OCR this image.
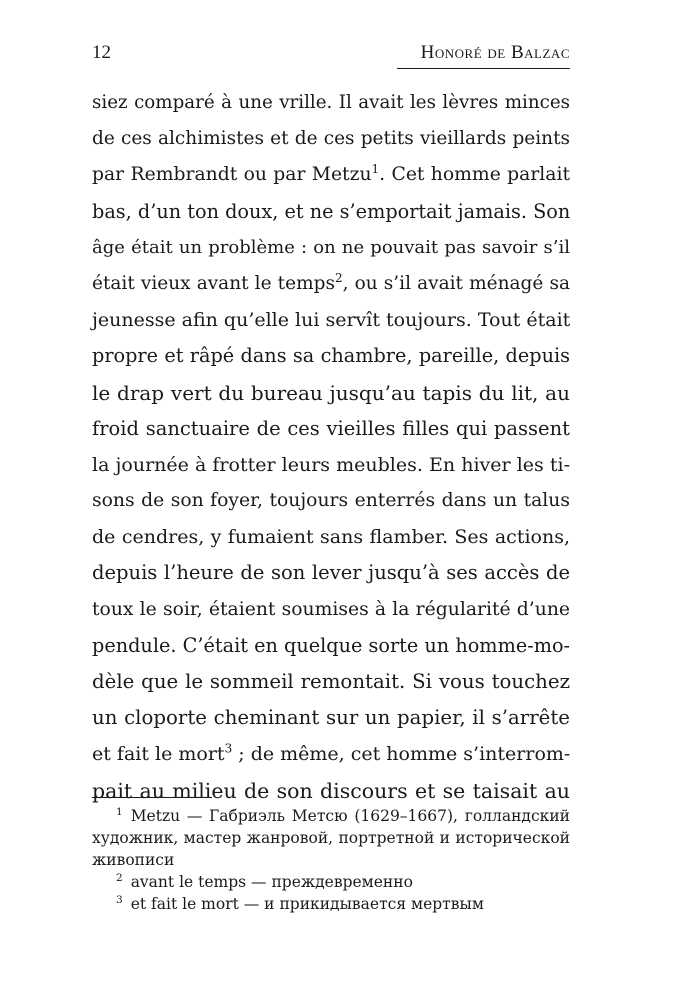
12	Honoré de Balzac
siez comparé à une vrille. Il avait les lèvres minces
de ces alchimistes et de ces petits vieillards peints
par Rembrandt ou par Metzu$^1$. Cet homme parlait
bas, d’un ton doux, et ne s’emportait jamais. Son
âge était un problème : on ne pouvait pas savoir s’il
était vieux avant le temps$^2$, ou s’il avait ménagé sa
jeunesse afin qu’elle lui servît toujours. Tout était
propre et râpé dans sa chambre, pareille, depuis
le drap vert du bureau jusqu’au tapis du lit, au
froid sanctuaire de ces vieilles filles qui passent
la journée à frotter leurs meubles. En hiver les ti-
sons de son foyer, toujours enterrés dans un talus
de cendres, y fumaient sans flamber. Ses actions,
depuis l’heure de son lever jusqu’à ses accès de
toux le soir, étaient soumises à la régularité d’une
pendule. C’était en quelque sorte un homme-mo-
dèle que le sommeil remontait. Si vous touchez
un cloporte cheminant sur un papier, il s’arrête
et fait le mort$^3$ ; de même, cet homme s’interrom-
pait au milieu de son discours et se taisait au
$^1$ Metzu — Габриэль Метсю (1629–1667), голландский
художник, мастер жанровой, портретной и исторической
живописи
$^2$ avant le temps — преждевременно
$^3$ et fait le mort — и прикидывается мертвым
